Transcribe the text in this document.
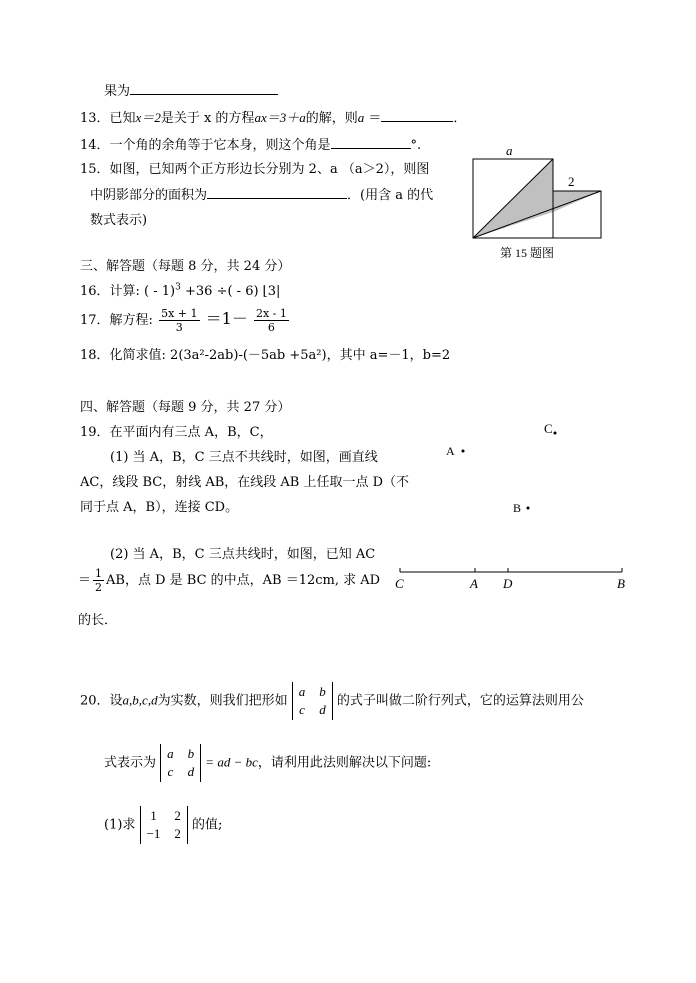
果为
13．已知x＝2是关于 x 的方程ax＝3＋a的解，则a ＝	．
14．一个角的余角等于它本身，则这个角是	°.
15．如图，已知两个正方形边长分别为 2、a （a＞2），则图
中阴影部分的面积为	．(用含 a 的代
数式表示)
a
2
第 15 题图
三、解答题（每题 8 分，共 24 分）
16．计算: ( - 1)$^3$ +36 ÷( - 6) ⌊3|
17．解方程: $\frac{5x + 1}{3} =1- \frac{2x - 1}{6}$
18．化简求值: 2(3a²-2ab)-(－5ab +5a²)，其中 a=－1，b=2
四、解答题（每题 9 分，共 27 分）
19．在平面内有三点 A，B，C，
(1) 当 A，B，C 三点不共线时，如图，画直线
AC，线段 BC，射线 AB，在线段 AB 上任取一点 D（不
同于点 A，B），连接 CD。
C
A
B
(2) 当 A，B，C 三点共线时，如图，已知 AC
＝ $\frac{1}{2}$ AB，点 D 是 BC 的中点，AB ＝12cm, 求 AD
的长．
C	A D	B
20．设a,b,c,d为实数，则我们把形如
a b
c d
的式子叫做二阶行列式，它的运算法则用公
式表示为
a b
c d
= ad − bc，请利用此法则解决以下问题:
(1)求
1 2
−1 2
的值;
